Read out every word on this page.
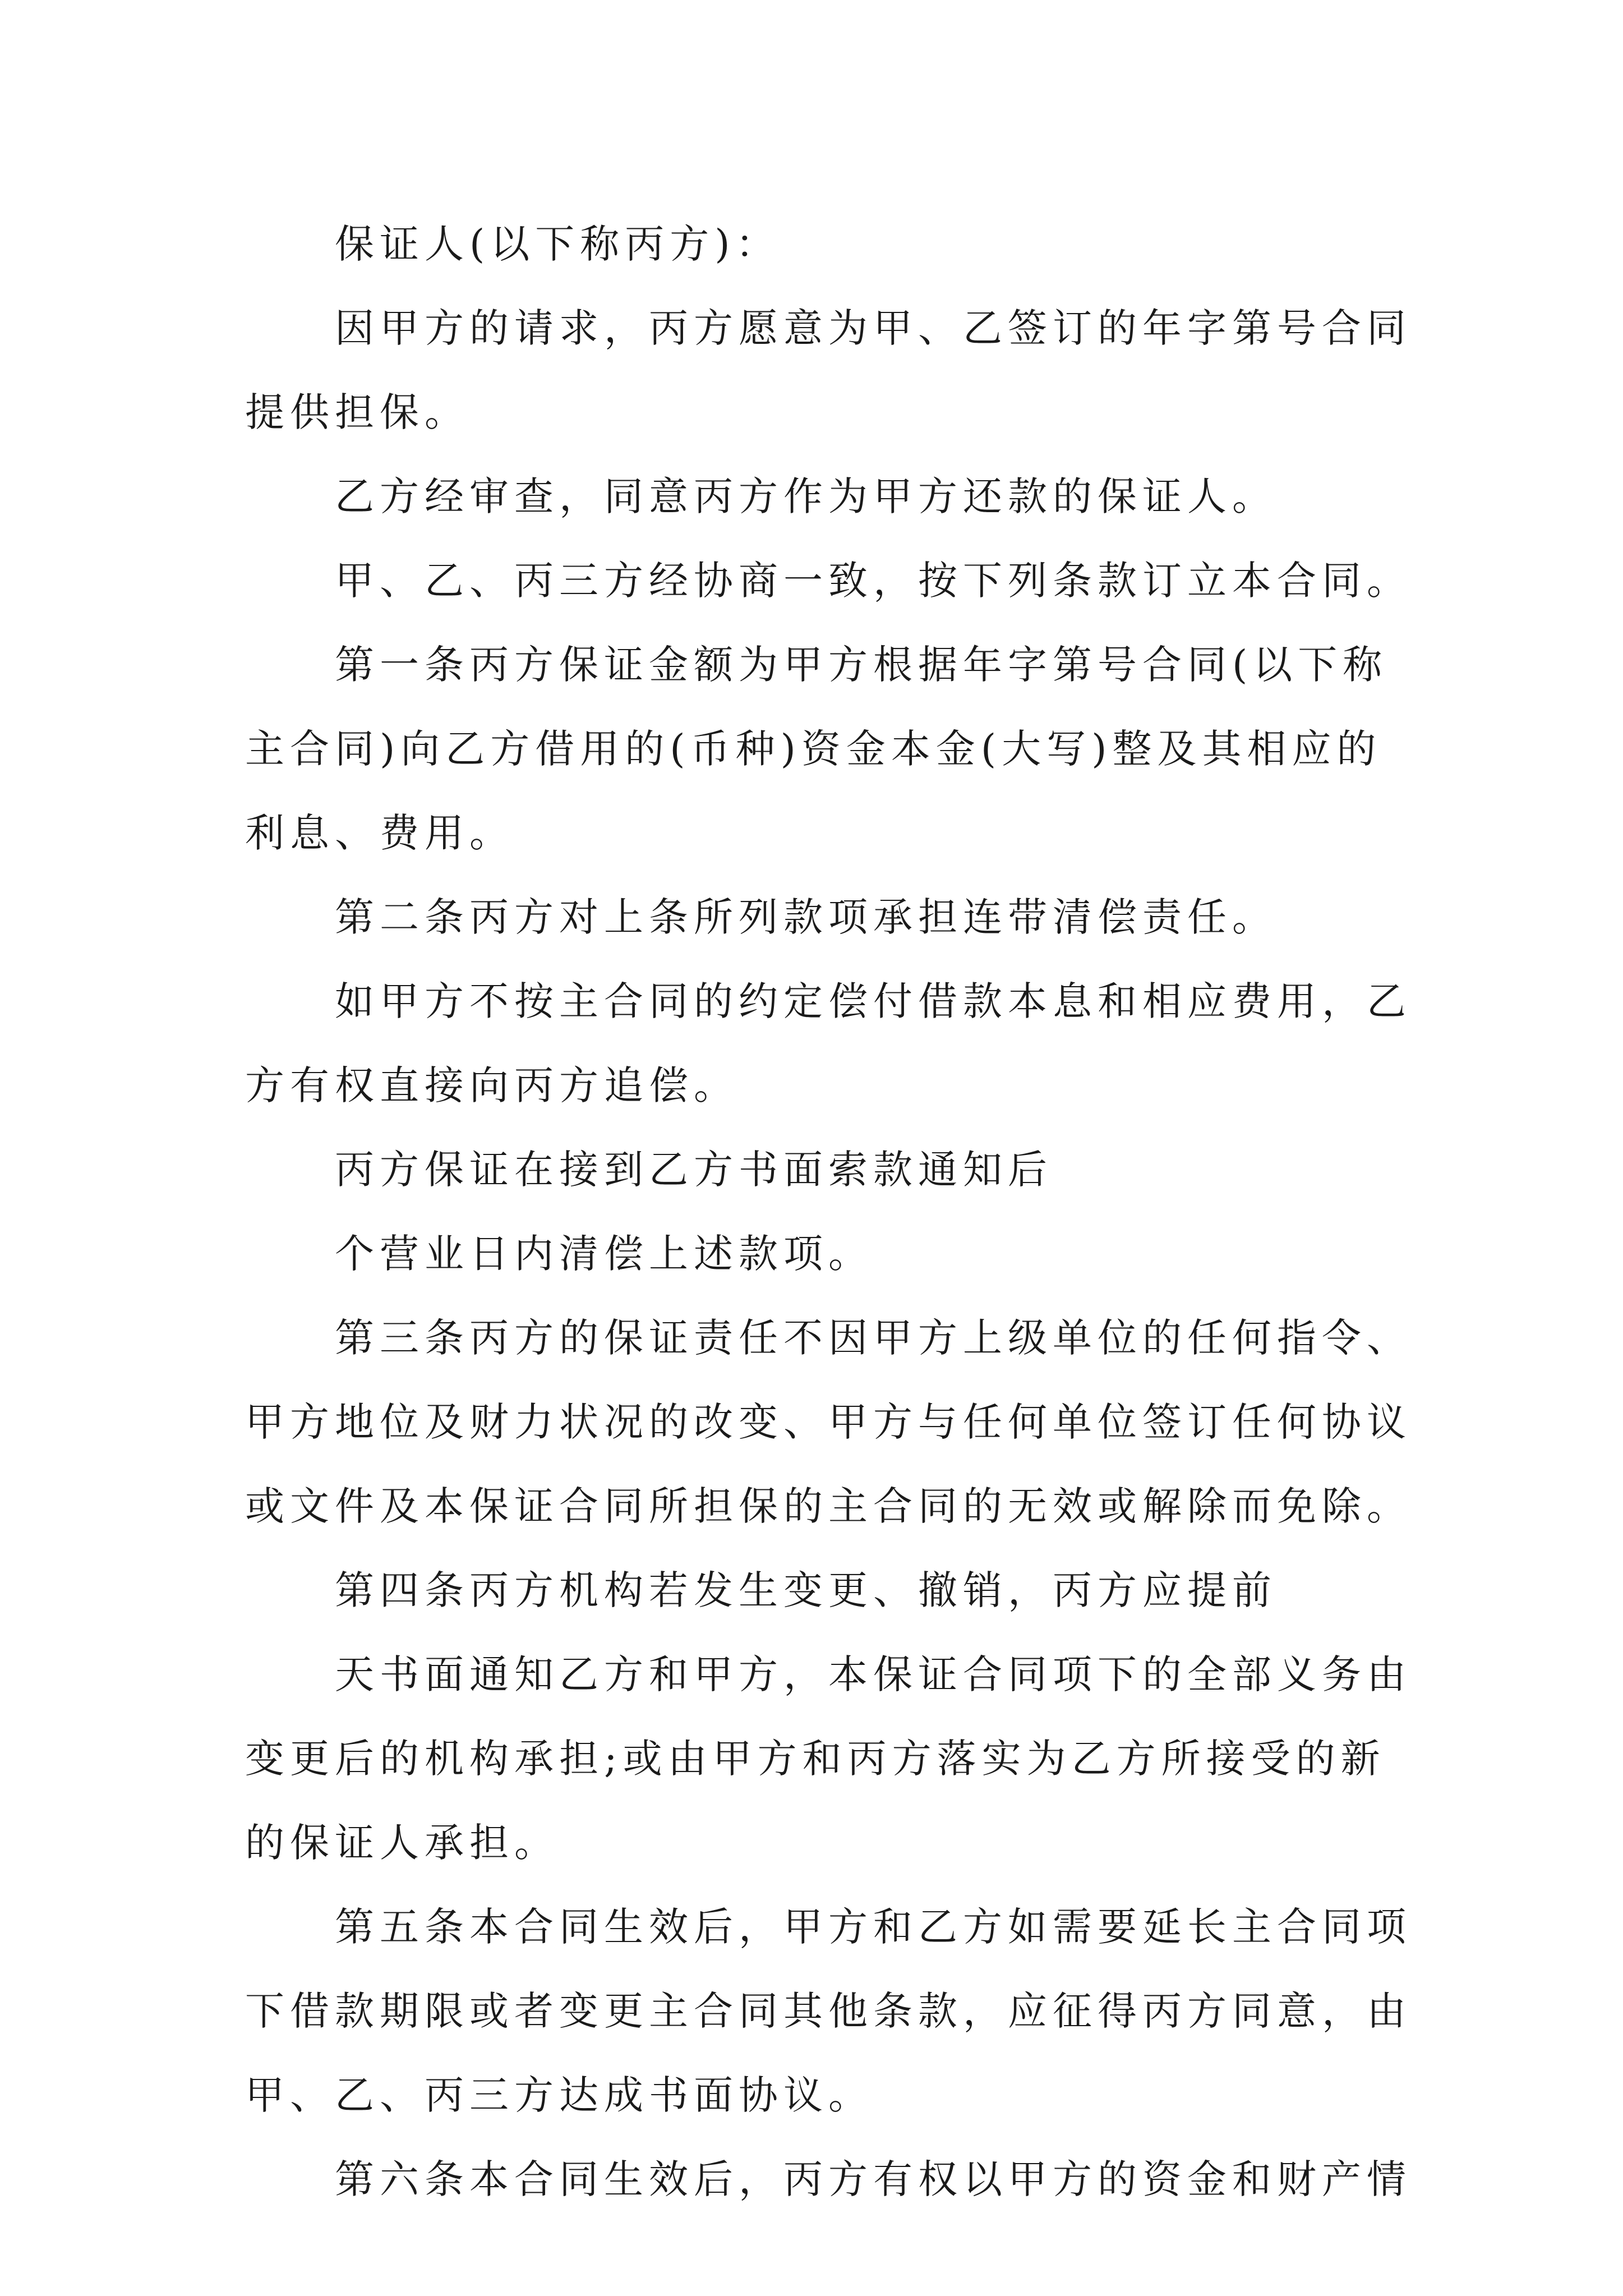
保证人(以下称丙方)：
因甲方的请求，丙方愿意为甲、乙签订的年字第号合同
提供担保。
乙方经审查，同意丙方作为甲方还款的保证人。
甲、乙、丙三方经协商一致，按下列条款订立本合同。
第一条丙方保证金额为甲方根据年字第号合同(以下称
主合同)向乙方借用的(币种)资金本金(大写)整及其相应的
利息、费用。
第二条丙方对上条所列款项承担连带清偿责任。
如甲方不按主合同的约定偿付借款本息和相应费用，乙
方有权直接向丙方追偿。
丙方保证在接到乙方书面索款通知后
个营业日内清偿上述款项。
第三条丙方的保证责任不因甲方上级单位的任何指令、
甲方地位及财力状况的改变、甲方与任何单位签订任何协议
或文件及本保证合同所担保的主合同的无效或解除而免除。
第四条丙方机构若发生变更、撤销，丙方应提前
天书面通知乙方和甲方，本保证合同项下的全部义务由
变更后的机构承担;或由甲方和丙方落实为乙方所接受的新
的保证人承担。
第五条本合同生效后，甲方和乙方如需要延长主合同项
下借款期限或者变更主合同其他条款，应征得丙方同意，由
甲、乙、丙三方达成书面协议。
第六条本合同生效后，丙方有权以甲方的资金和财产情
